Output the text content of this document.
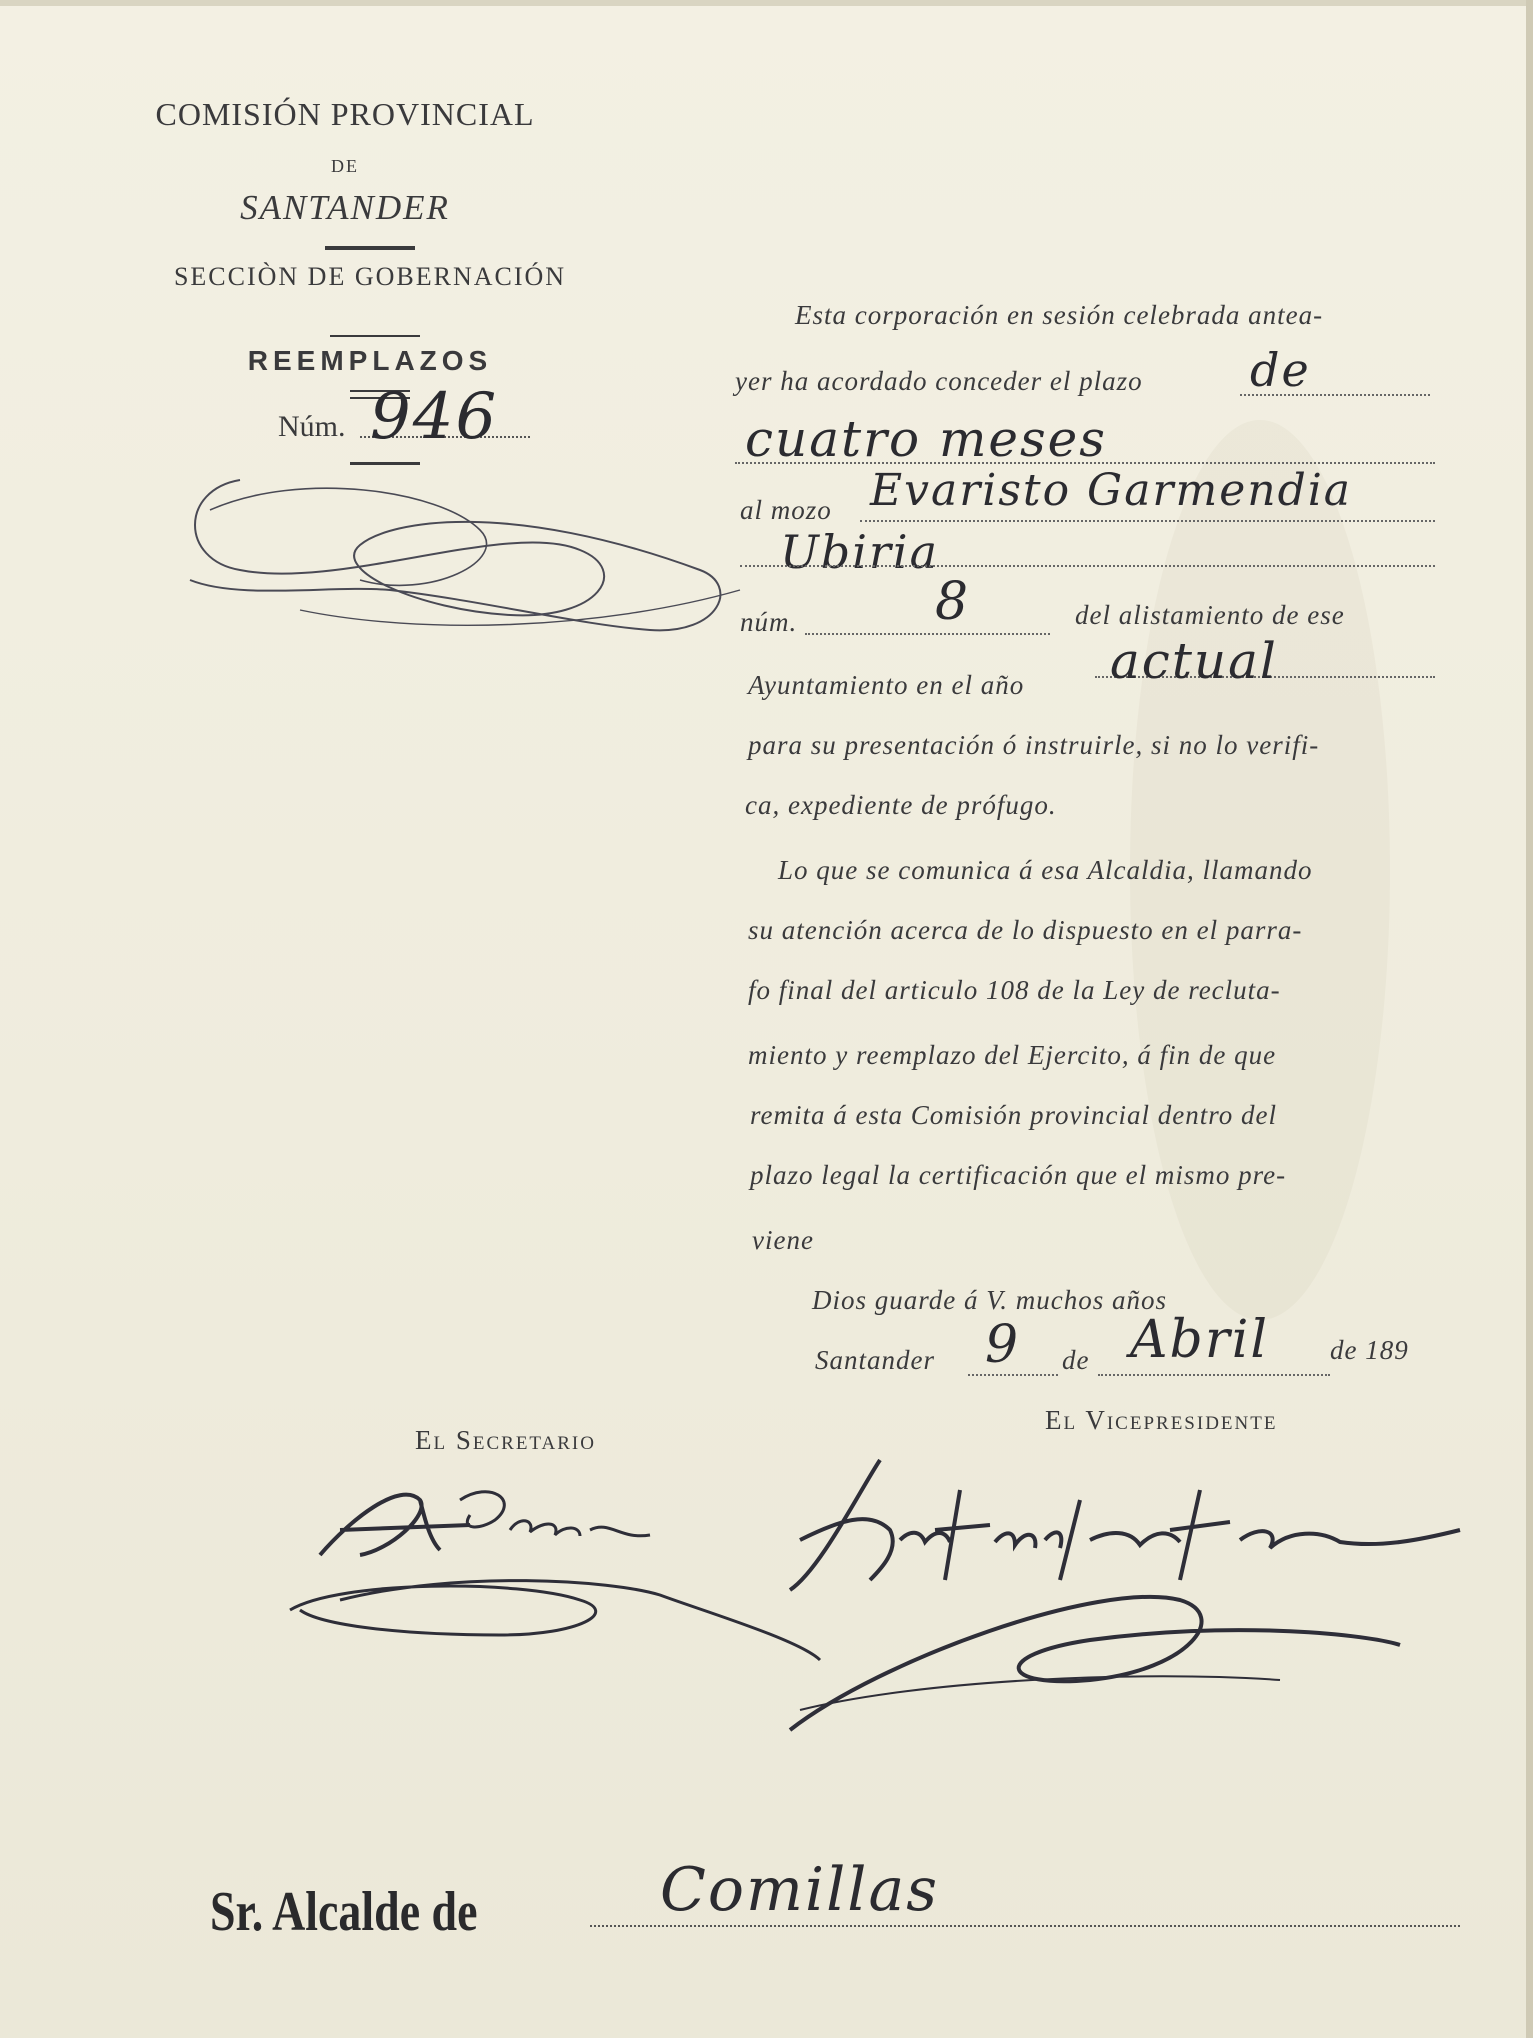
COMISIÓN PROVINCIAL
DE
SANTANDER
SECCIÒN DE GOBERNACIÓN
REEMPLAZOS
Núm. 946
Esta corporación en sesión celebrada antea-
yer ha acordado conceder el plazo de
cuatro meses
al mozo Evaristo Garmendia
Ubiria
núm.	8	del alistamiento de ese
Ayuntamiento en el año actual
para su presentación ó instruirle, si no lo verifi-
ca, expediente de prófugo.
Lo que se comunica á esa Alcaldia, llamando
su atención acerca de lo dispuesto en el parra-
fo final del articulo 108 de la Ley de recluta-
miento y reemplazo del Ejercito, á fin de que
remita á esta Comisión provincial dentro del
plazo legal la certificación que el mismo pre-
viene
Dios guarde á V. muchos años
Santander 9 de Abril de 189
El Secretario
El Vicepresidente
Sr. Alcalde de	Comillas
